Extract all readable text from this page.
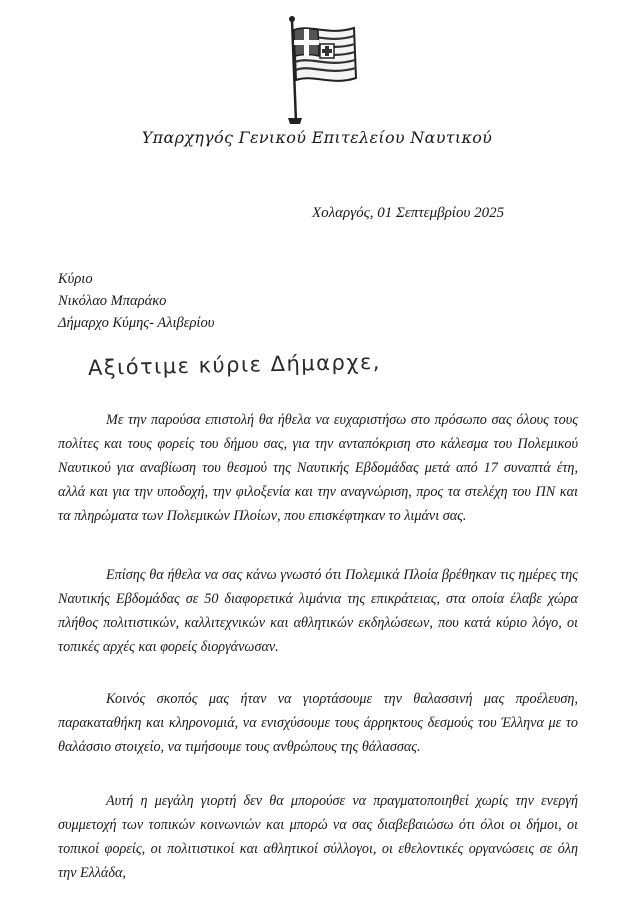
Υπαρχηγός Γενικού Επιτελείου Ναυτικού
Χολαργός, 01 Σεπτεμβρίου 2025
Κύριο
Νικόλαο Μπαράκο
Δήμαρχο Κύμης- Αλιβερίου
Αξιότιμε κύριε Δήμαρχε,
Με την παρούσα επιστολή θα ήθελα να ευχαριστήσω στο πρόσωπο σας όλους τους πολίτες και τους φορείς του δήμου σας, για την ανταπόκριση στο κάλεσμα του Πολεμικού Ναυτικού για αναβίωση του θεσμού της Ναυτικής Εβδομάδας μετά από 17 συναπτά έτη, αλλά και για την υποδοχή, την φιλοξενία και την αναγνώριση, προς τα στελέχη του ΠΝ και τα πληρώματα των Πολεμικών Πλοίων, που επισκέφτηκαν το λιμάνι σας.
Επίσης θα ήθελα να σας κάνω γνωστό ότι Πολεμικά Πλοία βρέθηκαν τις ημέρες της Ναυτικής Εβδομάδας σε 50 διαφορετικά λιμάνια της επικράτειας, στα οποία έλαβε χώρα πλήθος πολιτιστικών, καλλιτεχνικών και αθλητικών εκδηλώσεων, που κατά κύριο λόγο, οι τοπικές αρχές και φορείς διοργάνωσαν.
Κοινός σκοπός μας ήταν να γιορτάσουμε την θαλασσινή μας προέλευση, παρακαταθήκη και κληρονομιά, να ενισχύσουμε τους άρρηκτους δεσμούς του Έλληνα με το θαλάσσιο στοιχείο, να τιμήσουμε τους ανθρώπους της θάλασσας.
Αυτή η μεγάλη γιορτή δεν θα μπορούσε να πραγματοποιηθεί χωρίς την ενεργή συμμετοχή των τοπικών κοινωνιών και μπορώ να σας διαβεβαιώσω ότι όλοι οι δήμοι, οι τοπικοί φορείς, οι πολιτιστικοί και αθλητικοί σύλλογοι, οι εθελοντικές οργανώσεις σε όλη την Ελλάδα,
